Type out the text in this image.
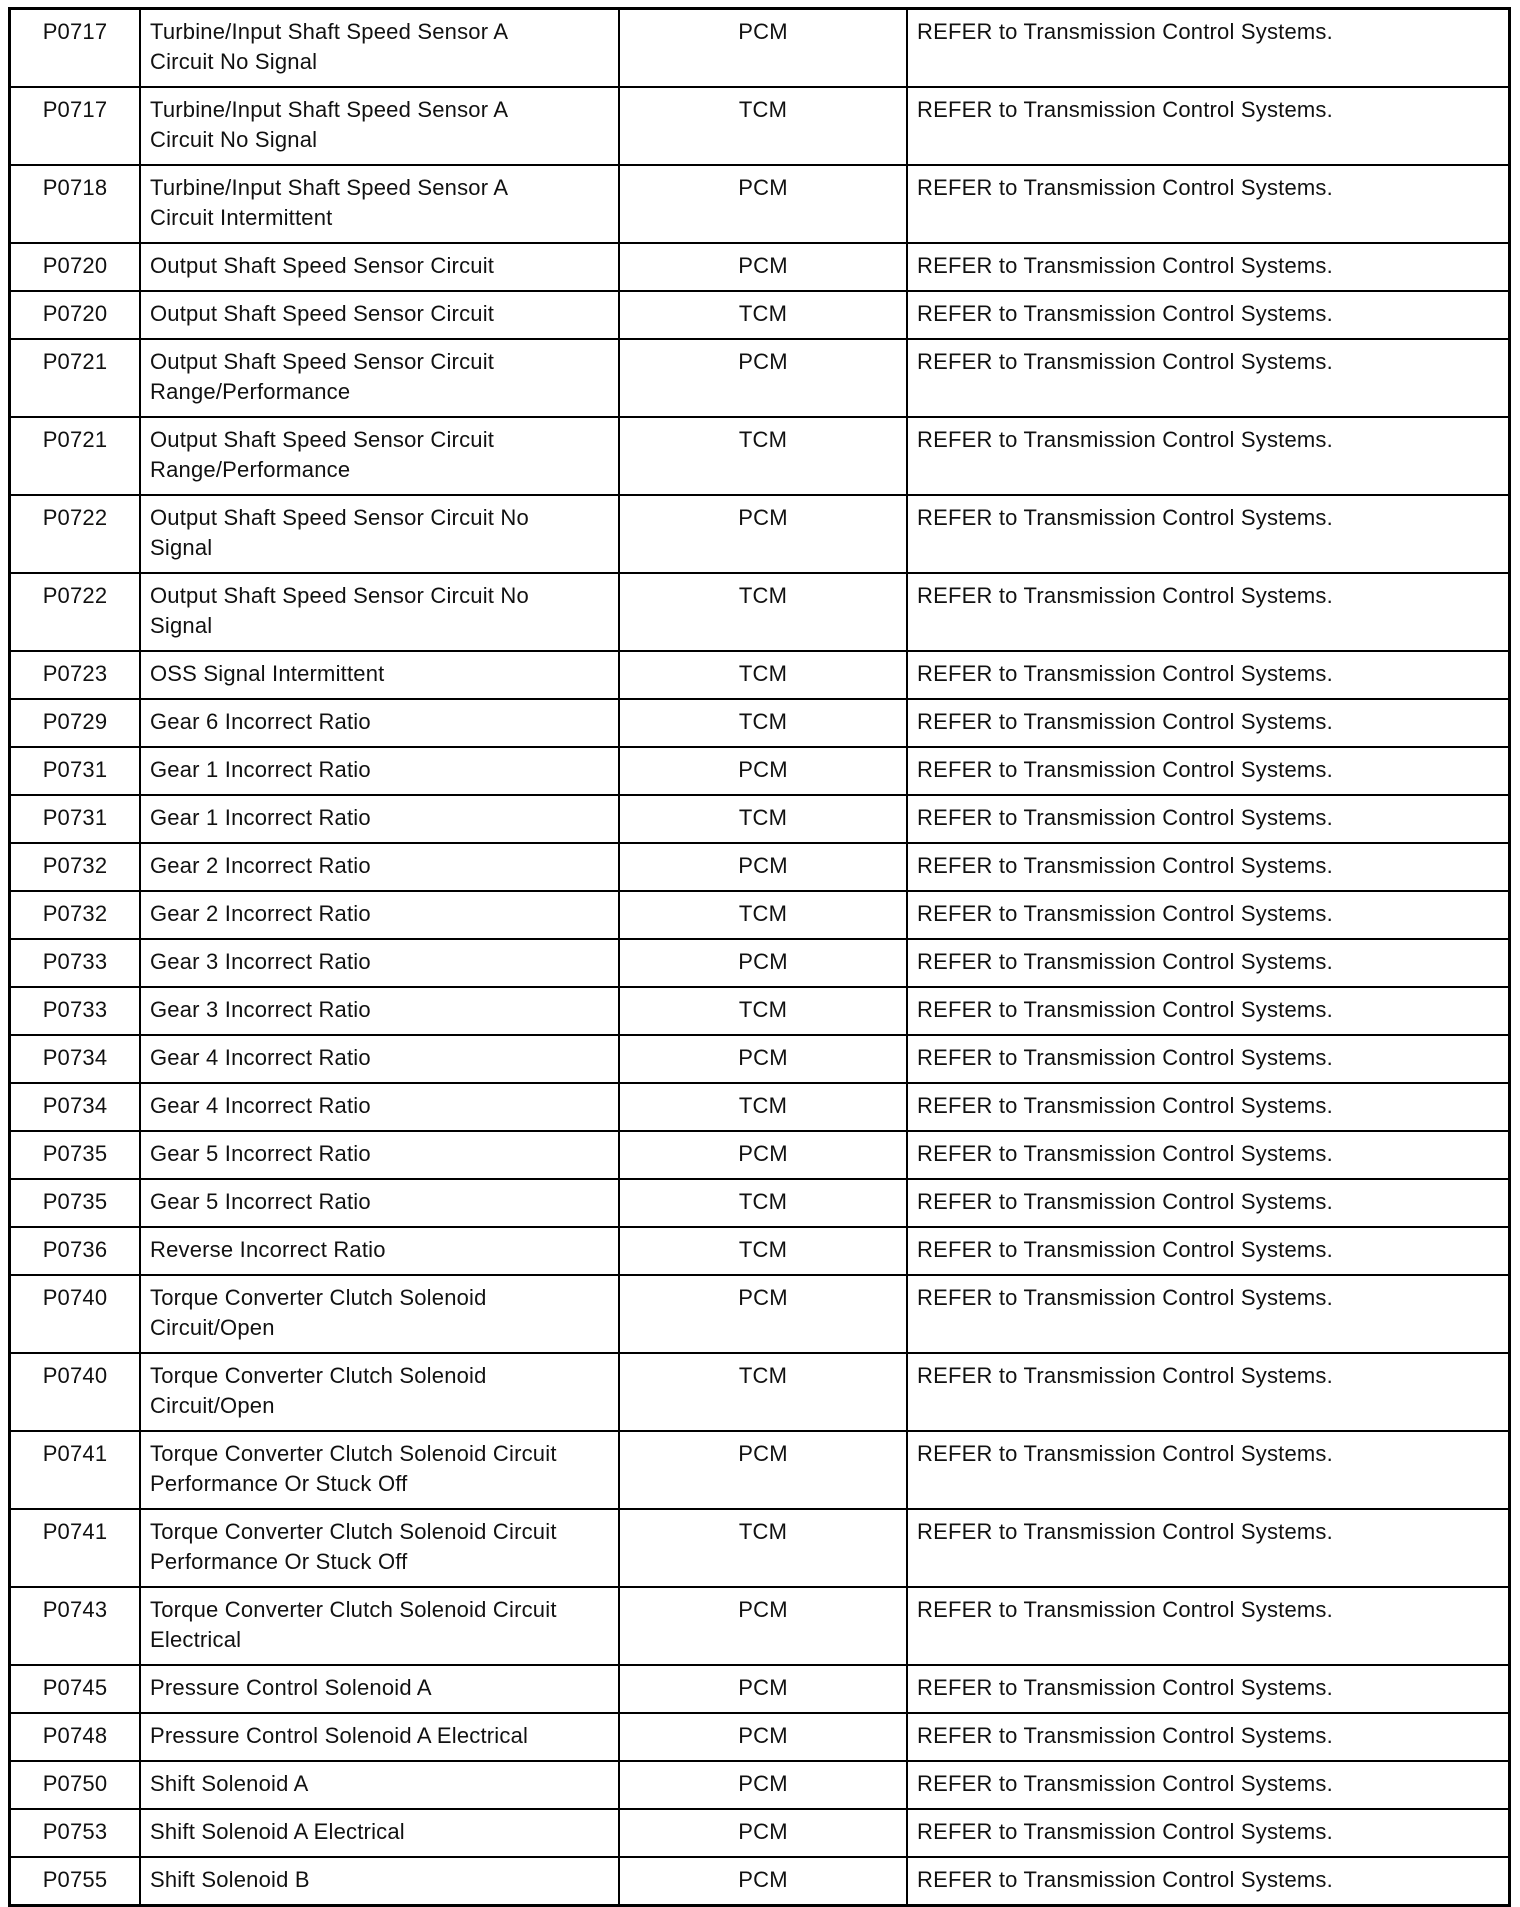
P0717	Turbine/Input Shaft Speed Sensor A
Circuit No Signal	PCM	REFER to Transmission Control Systems.
P0717	Turbine/Input Shaft Speed Sensor A
Circuit No Signal	TCM	REFER to Transmission Control Systems.
P0718	Turbine/Input Shaft Speed Sensor A
Circuit Intermittent	PCM	REFER to Transmission Control Systems.
P0720	Output Shaft Speed Sensor Circuit	PCM	REFER to Transmission Control Systems.
P0720	Output Shaft Speed Sensor Circuit	TCM	REFER to Transmission Control Systems.
P0721	Output Shaft Speed Sensor Circuit
Range/Performance	PCM	REFER to Transmission Control Systems.
P0721	Output Shaft Speed Sensor Circuit
Range/Performance	TCM	REFER to Transmission Control Systems.
P0722	Output Shaft Speed Sensor Circuit No
Signal	PCM	REFER to Transmission Control Systems.
P0722	Output Shaft Speed Sensor Circuit No
Signal	TCM	REFER to Transmission Control Systems.
P0723	OSS Signal Intermittent	TCM	REFER to Transmission Control Systems.
P0729	Gear 6 Incorrect Ratio	TCM	REFER to Transmission Control Systems.
P0731	Gear 1 Incorrect Ratio	PCM	REFER to Transmission Control Systems.
P0731	Gear 1 Incorrect Ratio	TCM	REFER to Transmission Control Systems.
P0732	Gear 2 Incorrect Ratio	PCM	REFER to Transmission Control Systems.
P0732	Gear 2 Incorrect Ratio	TCM	REFER to Transmission Control Systems.
P0733	Gear 3 Incorrect Ratio	PCM	REFER to Transmission Control Systems.
P0733	Gear 3 Incorrect Ratio	TCM	REFER to Transmission Control Systems.
P0734	Gear 4 Incorrect Ratio	PCM	REFER to Transmission Control Systems.
P0734	Gear 4 Incorrect Ratio	TCM	REFER to Transmission Control Systems.
P0735	Gear 5 Incorrect Ratio	PCM	REFER to Transmission Control Systems.
P0735	Gear 5 Incorrect Ratio	TCM	REFER to Transmission Control Systems.
P0736	Reverse Incorrect Ratio	TCM	REFER to Transmission Control Systems.
P0740	Torque Converter Clutch Solenoid
Circuit/Open	PCM	REFER to Transmission Control Systems.
P0740	Torque Converter Clutch Solenoid
Circuit/Open	TCM	REFER to Transmission Control Systems.
P0741	Torque Converter Clutch Solenoid Circuit
Performance Or Stuck Off	PCM	REFER to Transmission Control Systems.
P0741	Torque Converter Clutch Solenoid Circuit
Performance Or Stuck Off	TCM	REFER to Transmission Control Systems.
P0743	Torque Converter Clutch Solenoid Circuit
Electrical	PCM	REFER to Transmission Control Systems.
P0745	Pressure Control Solenoid A	PCM	REFER to Transmission Control Systems.
P0748	Pressure Control Solenoid A Electrical	PCM	REFER to Transmission Control Systems.
P0750	Shift Solenoid A	PCM	REFER to Transmission Control Systems.
P0753	Shift Solenoid A Electrical	PCM	REFER to Transmission Control Systems.
P0755	Shift Solenoid B	PCM	REFER to Transmission Control Systems.
